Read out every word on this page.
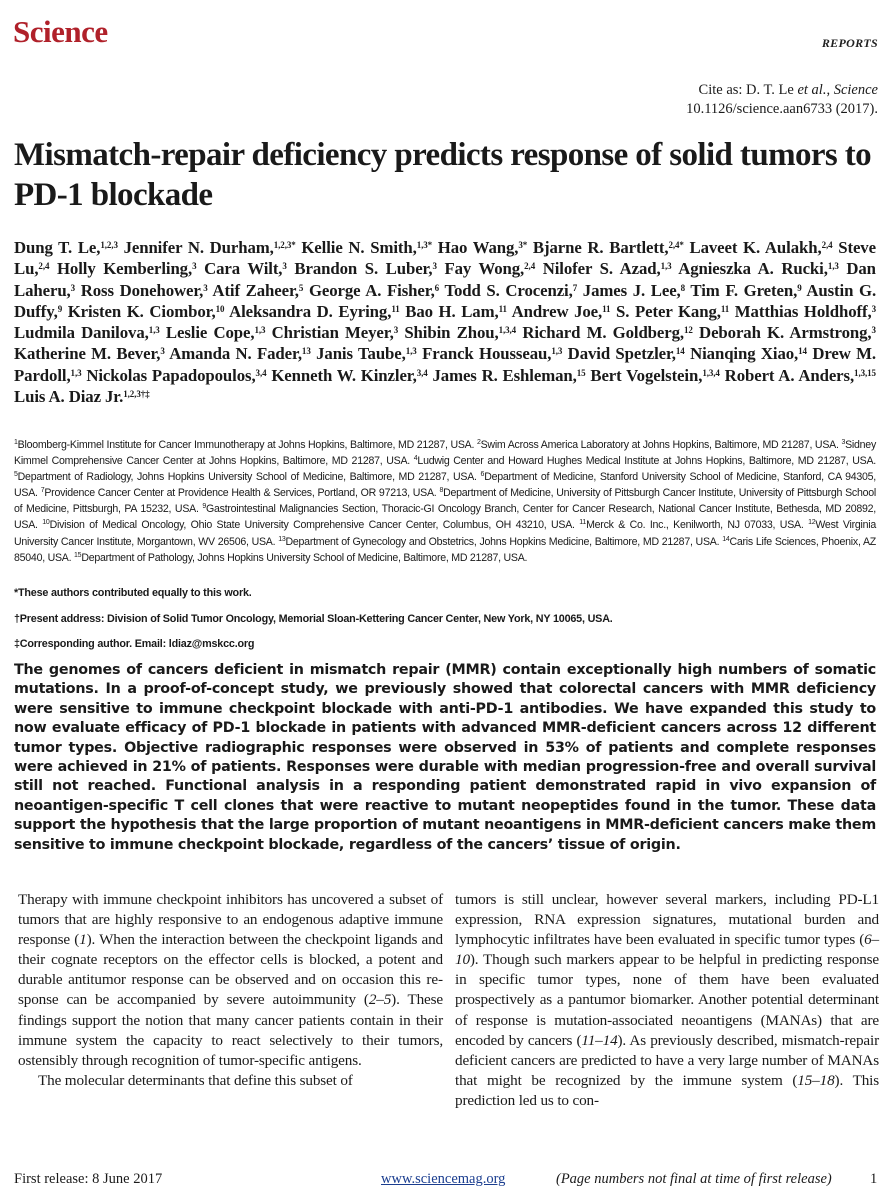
Science	REPORTS
Cite as: D. T. Le et al., Science
10.1126/science.aan6733 (2017).
Mismatch-repair deficiency predicts response of solid tumors to PD-1 blockade
Dung T. Le,$^{1,2,3}$ Jennifer N. Durham,$^{1,2,3*}$ Kellie N. Smith,$^{1,3*}$ Hao Wang,$^{3*}$ Bjarne R. Bartlett,$^{2,4*}$ Laveet K. Aulakh,$^{2,4}$ Steve Lu,$^{2,4}$ Holly Kemberling,$^3$ Cara Wilt,$^3$ Brandon S. Luber,$^3$ Fay Wong,$^{2,4}$ Nilofer S. Azad,$^{1,3}$ Agnieszka A. Rucki,$^{1,3}$ Dan Laheru,$^3$ Ross Donehower,$^3$ Atif Zaheer,$^5$ George A. Fisher,$^6$ Todd S. Crocenzi,$^7$ James J. Lee,$^8$ Tim F. Greten,$^9$ Austin G. Duffy,$^9$ Kristen K. Ciombor,$^{10}$ Aleksandra D. Eyring,$^{11}$ Bao H. Lam,$^{11}$ Andrew Joe,$^{11}$ S. Peter Kang,$^{11}$ Matthias Holdhoff,$^3$ Ludmila Danilova,$^{1,3}$ Leslie Cope,$^{1,3}$ Christian Meyer,$^3$ Shibin Zhou,$^{1,3,4}$ Richard M. Goldberg,$^{12}$ Deborah K. Armstrong,$^3$ Katherine M. Bever,$^3$ Amanda N. Fader,$^{13}$ Janis Taube,$^{1,3}$ Franck Housseau,$^{1,3}$ David Spetzler,$^{14}$ Nianqing Xiao,$^{14}$ Drew M. Pardoll,$^{1,3}$ Nickolas Papadopoulos,$^{3,4}$ Kenneth W. Kinzler,$^{3,4}$ James R. Eshleman,$^{15}$ Bert Vogelstein,$^{1,3,4}$ Robert A. Anders,$^{1,3,15}$ Luis A. Diaz Jr.$^{1,2,3\dagger\ddagger}$
$^1$Bloomberg-Kimmel Institute for Cancer Immunotherapy at Johns Hopkins, Baltimore, MD 21287, USA. $^2$Swim Across America Laboratory at Johns Hopkins, Baltimore, MD 21287, USA. $^3$Sidney Kimmel Comprehensive Cancer Center at Johns Hopkins, Baltimore, MD 21287, USA. $^4$Ludwig Center and Howard Hughes Medical Institute at Johns Hopkins, Baltimore, MD 21287, USA. $^5$Department of Radiology, Johns Hopkins University School of Medicine, Baltimore, MD 21287, USA. $^6$Department of Medicine, Stanford University School of Medicine, Stanford, CA 94305, USA. $^7$Providence Cancer Center at Providence Health & Services, Portland, OR 97213, USA. $^8$Department of Medicine, University of Pittsburgh Cancer Institute, University of Pittsburgh School of Medicine, Pittsburgh, PA 15232, USA. $^9$Gastrointestinal Malignancies Section, Thoracic-GI Oncology Branch, Center for Cancer Research, National Cancer Institute, Bethesda, MD 20892, USA. $^{10}$Division of Medical Oncology, Ohio State University Comprehensive Cancer Center, Columbus, OH 43210, USA. $^{11}$Merck & Co. Inc., Kenilworth, NJ 07033, USA. $^{12}$West Virginia University Cancer Institute, Morgantown, WV 26506, USA. $^{13}$Department of Gynecology and Obstetrics, Johns Hopkins Medicine, Baltimore, MD 21287, USA. $^{14}$Caris Life Sciences, Phoenix, AZ 85040, USA. $^{15}$Department of Pathology, Johns Hopkins University School of Medicine, Baltimore, MD 21287, USA.
*These authors contributed equally to this work.
†Present address: Division of Solid Tumor Oncology, Memorial Sloan-Kettering Cancer Center, New York, NY 10065, USA.
‡Corresponding author. Email: ldiaz@mskcc.org

The genomes of cancers deficient in mismatch repair (MMR) contain exceptionally high numbers of somatic mutations. In a proof-of-concept study, we previously showed that colorectal cancers with MMR deficiency were sensitive to immune checkpoint blockade with anti-PD-1 antibodies. We have expanded this study to now evaluate efficacy of PD-1 blockade in patients with advanced MMR-deficient cancers across 12 different tumor types. Objective radiographic responses were observed in 53% of patients and complete responses were achieved in 21% of patients. Responses were durable with median progression-free and overall survival still not reached. Functional analysis in a responding patient demonstrated rapid in vivo expansion of neoantigen-specific T cell clones that were reactive to mutant neopeptides found in the tumor. These data support the hypothesis that the large proportion of mutant neoantigens in MMR-deficient cancers make them sensitive to immune checkpoint blockade, regardless of the cancers’ tissue of origin.

Therapy with immune checkpoint inhibitors has uncovered a subset of tumors that are highly responsive to an endogenous adaptive immune response (1). When the interaction between the checkpoint ligands and their cognate receptors on the effector cells is blocked, a potent and durable antitumor response can be observed and on occasion this response can be accompanied by severe autoimmunity (2–5). These findings support the notion that many cancer patients contain in their immune system the capacity to react selectively to their tumors, ostensibly through recognition of tumor-specific antigens.

The molecular determinants that define this subset of

tumors is still unclear, however several markers, including PD-L1 expression, RNA expression signatures, mutational burden and lymphocytic infiltrates have been evaluated in specific tumor types (6–10). Though such markers appear to be helpful in predicting response in specific tumor types, none of them have been evaluated prospectively as a pantumor biomarker. Another potential determinant of response is mutation-associated neoantigens (MANAs) that are encoded by cancers (11–14). As previously described, mismatch-repair deficient cancers are predicted to have a very large number of MANAs that might be recognized by the immune system (15–18). This prediction led us to con-

First release: 8 June 2017	www.sciencemag.org	(Page numbers not final at time of first release)	1
